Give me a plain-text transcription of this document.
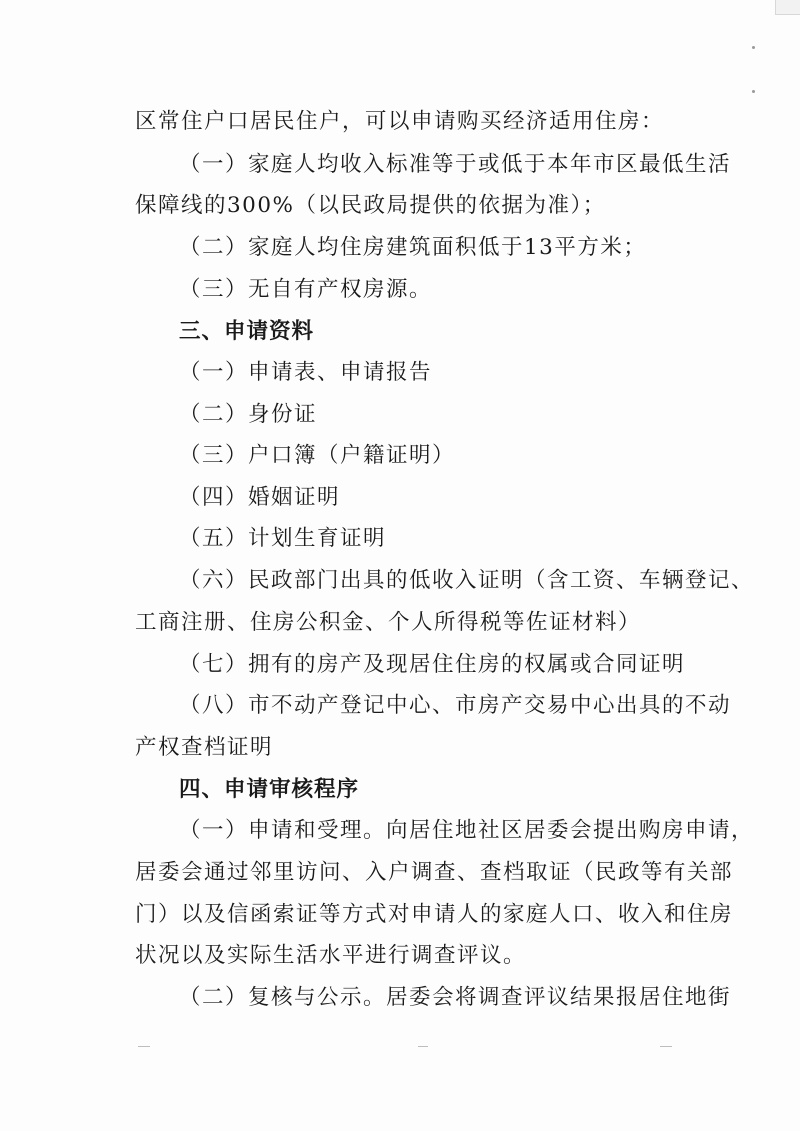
区常住户口居民住户，可以申请购买经济适用住房：
（一）家庭人均收入标准等于或低于本年市区最低生活
保障线的300%（以民政局提供的依据为准）；
（二）家庭人均住房建筑面积低于13平方米；
（三）无自有产权房源。
三、申请资料
（一）申请表、申请报告
（二）身份证
（三）户口簿（户籍证明）
（四）婚姻证明
（五）计划生育证明
（六）民政部门出具的低收入证明（含工资、车辆登记、
工商注册、住房公积金、个人所得税等佐证材料）
（七）拥有的房产及现居住住房的权属或合同证明
（八）市不动产登记中心、市房产交易中心出具的不动
产权查档证明
四、申请审核程序
（一）申请和受理。向居住地社区居委会提出购房申请，
居委会通过邻里访问、入户调查、查档取证（民政等有关部
门）以及信函索证等方式对申请人的家庭人口、收入和住房
状况以及实际生活水平进行调查评议。
（二）复核与公示。居委会将调查评议结果报居住地街
